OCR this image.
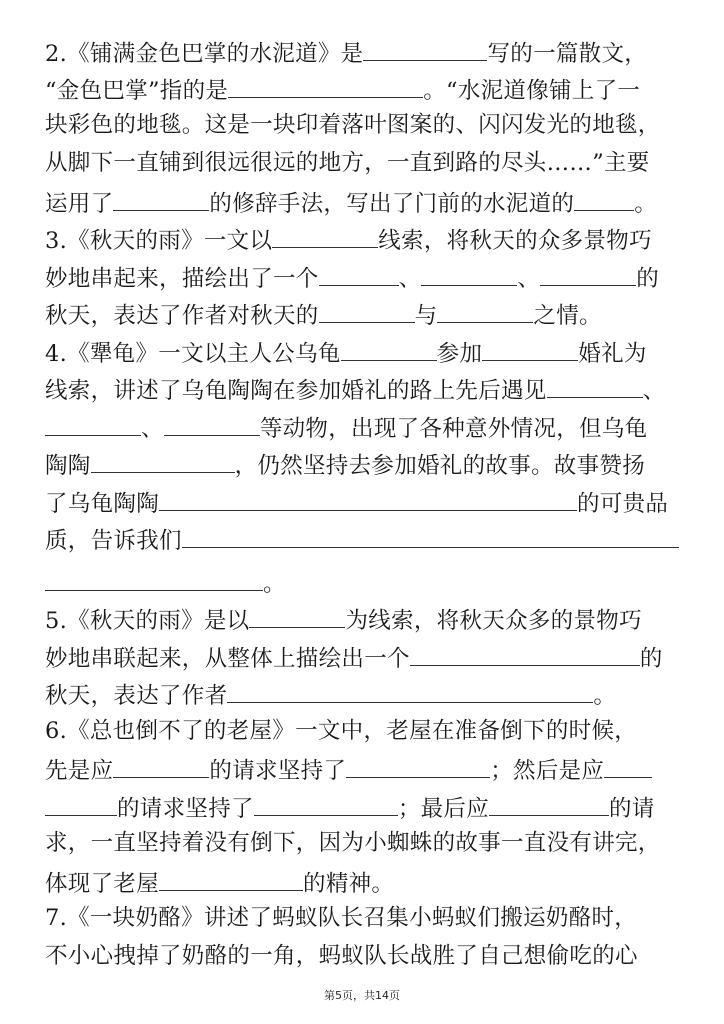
2.《铺满金色巴掌的水泥道》是	写的一篇散文，
“金色巴掌”指的是	。“水泥道像铺上了一
块彩色的地毯。这是一块印着落叶图案的、闪闪发光的地毯，
从脚下一直铺到很远很远的地方，一直到路的尽头……”主要
运用了	的修辞手法，写出了门前的水泥道的	。
3.《秋天的雨》一文以	线索，将秋天的众多景物巧
妙地串起来，描绘出了一个	、	、	的
秋天，表达了作者对秋天的	与	之情。
4.《犟龟》一文以主人公乌龟	参加	婚礼为
线索，讲述了乌龟陶陶在参加婚礼的路上先后遇见	、
、	等动物，出现了各种意外情况，但乌龟
陶陶	，仍然坚持去参加婚礼的故事。故事赞扬
了乌龟陶陶	的可贵品
质，告诉我们
。
5.《秋天的雨》是以	为线索，将秋天众多的景物巧
妙地串联起来，从整体上描绘出一个	的
秋天，表达了作者	。
6.《总也倒不了的老屋》一文中，老屋在准备倒下的时候，
先是应	的请求坚持了	；然后是应
的请求坚持了	；最后应	的请
求，一直坚持着没有倒下，因为小蜘蛛的故事一直没有讲完，
体现了老屋	的精神。
7.《一块奶酪》讲述了蚂蚁队长召集小蚂蚁们搬运奶酪时，
不小心拽掉了奶酪的一角，蚂蚁队长战胜了自己想偷吃的心
第5页，共14页
